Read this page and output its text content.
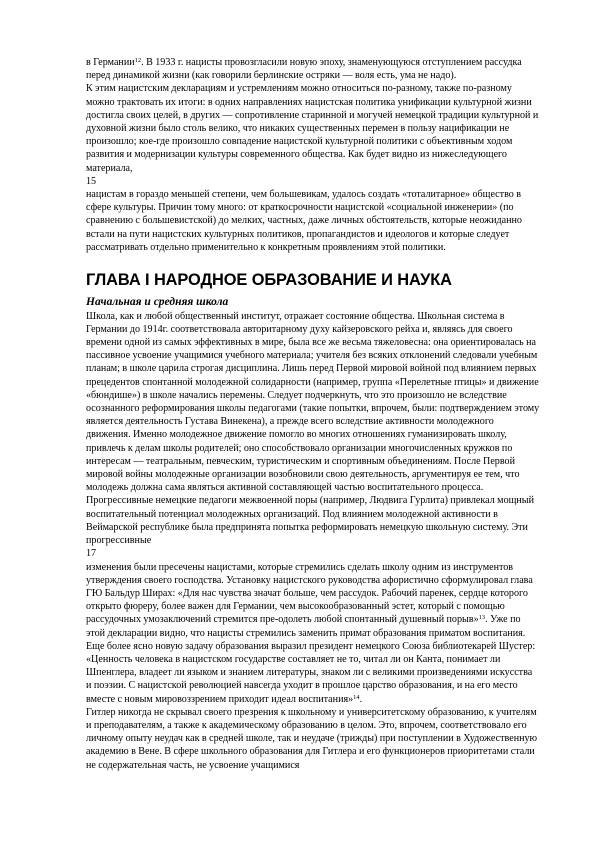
в Германии$^{12}$. В 1933 г. нацисты провозгласили новую эпоху, знаменующуюся отступлением рассудка перед динамикой жизни (как говорили берлинские остряки — воля есть, ума не надо).

К этим нацистским декларациям и устремлениям можно относиться по-разному, также по-разному можно трактовать их итоги: в одних направлениях нацистская политика унификации культурной жизни достигла своих целей, в других — сопротивление старинной и могучей немецкой традиции культурной и духовной жизни было столь велико, что никаких существенных перемен в пользу нацификации не произошло; кое-где произошло совпадение нацистской культурной политики с объективным ходом развития и модернизации культуры современного общества. Как будет видно из нижеследующего материала,

15

нацистам в гораздо меньшей степени, чем большевикам, удалось создать «тоталитарное» общество в сфере культуры. Причин тому много: от краткосрочности нацистской «социальной инженерии» (по сравнению с большевистской) до мелких, частных, даже личных обстоятельств, которые неожиданно встали на пути нацистских культурных политиков, пропагандистов и идеологов и которые следует рассматривать отдельно применительно к конкретным проявлениям этой политики.

ГЛАВА I НАРОДНОЕ ОБРАЗОВАНИЕ И НАУКА
Начальная и средняя школа

Школа, как и любой общественный институт, отражает состояние общества. Школьная система в Германии до 1914г. соответствовала авторитарному духу кайзеровского рейха и, являясь для своего времени одной из самых эффективных в мире, была все же весьма тяжеловесна: она ориентировалась на пассивное усвоение учащимися учебного материала; учителя без всяких отклонений следовали учебным планам; в школе царила строгая дисциплина. Лишь перед Первой мировой войной под влиянием первых прецедентов спонтанной молодежной солидарности (например, группа «Перелетные птицы» и движение «бюндише») в школе начались перемены. Следует подчеркнуть, что это произошло не вследствие осознанного реформирования школы педагогами (такие попытки, впрочем, были: подтверждением этому является деятельность Густава Винекена), а прежде всего вследствие активности молодежного движения. Именно молодежное движение помогло во многих отношениях гуманизировать школу, привлечь к делам школы родителей; оно способствовало организации многочисленных кружков по интересам — театральным, певческим, туристическим и спортивным объединениям. После Первой мировой войны молодежные организации возобновили свою деятельность, аргументируя ее тем, что молодежь должна сама являться активной составляющей частью воспитательного процесса. Прогрессивные немецкие педагоги межвоенной поры (например, Людвига Гурлита) привлекал мощный воспитательный потенциал молодежных организаций. Под влиянием молодежной активности в Веймарской республике была предпринята попытка реформировать немецкую школьную систему. Эти прогрессивные

17

изменения были пресечены нацистами, которые стремились сделать школу одним из инструментов утверждения своего господства. Установку нацистского руководства афористично сформулировал глава ГЮ Бальдур Ширах: «Для нас чувства значат больше, чем рассудок. Рабочий паренек, сердце которого открыто фюреру, более важен для Германии, чем высокообразованный эстет, который с помощью рассудочных умозаключений стремится пре-одолеть любой спонтанный душевный порыв»$^{13}$. Уже по этой декларации видно, что нацисты стремились заменить примат образования приматом воспитания. Еще более ясно новую задачу образования выразил президент немецкого Союза библиотекарей Шустер: «Ценность человека в нацистском государстве составляет не то, читал ли он Канта, понимает ли Шпенглера, владеет ли языком и знанием литературы, знаком ли с великими произведениями искусства и поэзии. С нацистской революцией навсегда уходит в прошлое царство образования, и на его место вместе с новым мировоззрением приходит идеал воспитания»$^{14}$.

Гитлер никогда не скрывал своего презрения к школьному и университетскому образованию, к учителям и преподавателям, а также к академическому образованию в целом. Это, впрочем, соответствовало его личному опыту неудач как в средней школе, так и неудаче (трижды) при поступлении в Художественную академию в Вене. В сфере школьного образования для Гитлера и его функционеров приоритетами стали не содержательная часть, не усвоение учащимися
